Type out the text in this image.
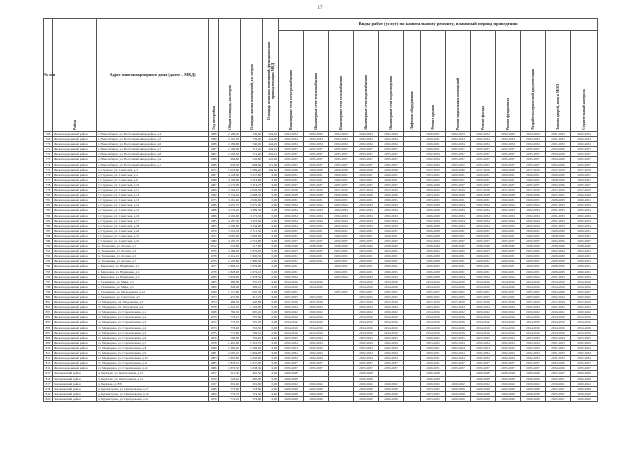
17
№ п/п	Район	Адрес многоквартирного дома (далее – МКД)	Год постройки	Общая площадь, кв.метров	Площадь жилых помещений, кв. метров	Площадь нежилых помещений, функционально принадлежащих МКД	Виды работ (услуг) по капитальному ремонту, плановый период проведения												
							Инженерные сети электроснабжения	Инженерные сети теплоснабжения	Инженерные сети газоснабжения	Инженерные сети водоснабжения	Инженерные сети водоотведения	Лифтовое оборудование	Ремонт крыши	Ремонт подвальных помещений	Ремонт фасада	Ремонт фундамента	Разработка проектной документации	Замена дверей, окон в МОП	Строительный контроль
768	Железнодорожный район	г. Новосибирск, ул. Восточный микрорайон, д.4	1988	2 189,20	740,00	444,20	2032-2034	2032-2034	2032-2034	2032-2034	2032-2034		2029-2031	2032-2034	2032-2034	2032-2034	2032-2034	2031-2033	2032-2034
769	Железнодорожный район	г. Новосибирск, ул. Восточный микрорайон, д.5	1988	2 181,50	739,60	444,90	2032-2034	2032-2034	2032-2034	2032-2034	2032-2034		2029-2031	2032-2034	2032-2034	2032-2034	2032-2034	2031-2033	2032-2034
770	Железнодорожный район	г. Новосибирск, ул. Восточный микрорайон, д.6	1988	2 189,80	740,00	444,20	2032-2034	2032-2034	2032-2034	2032-2034	2032-2034		2029-2031	2032-2034	2032-2034	2032-2034	2032-2034	2031-2033	2032-2034
771	Железнодорожный район	г. Новосибирск, ул. Восточный микрорайон, д.7	1987	2 190,00	713,20	456,10	2035-2037	2035-2037	2035-2037	2035-2037	2035-2037		2029-2031	2035-2037	2035-2037	2035-2037	2035-2037	2034-2036	2035-2037
772	Железнодорожный район	г. Новосибирск, ул. Восточный микрорайон, д.8	1987	2 193,50	712,40	456,10	2035-2037	2035-2037	2035-2037	2035-2037	2035-2037		2032-2034	2035-2037	2035-2037	2035-2037	2035-2037	2034-2036	2035-2037
773	Железнодорожный район	г. Новосибирск, ул. Восточный микрорайон, д.9	1988	966,80	543,80	222,00	2035-2037	2035-2037	2035-2037	2035-2037	2035-2037		2032-2034	2035-2037	2035-2037	2035-2037	2035-2037	2034-2036	2035-2037
774	Железнодорожный район	г. Новосибирск, ул. Восточный микрорайон, д.1	1988	930,50	808,60	121,90	2035-2037	2035-2037	2035-2037	2035-2037	2035-2037		2032-2034	2035-2037	2035-2037	2035-2037	2035-2037	2034-2036	2035-2037
775	Железнодорожный район	г. Студеное, ул. Советская, д.3	1972	1 618,00	1 060,40	346,60	2026-2028	2026-2028	2026-2028	2026-2028	2026-2028		2017-2019	2026-2028	2017-2019	2026-2028	2017-2019	2017-2019	2017-2019
776	Железнодорожный район	г. Студеное, ул. Советская, д.4	1987	4 128,90	3 257,80	0,00	2029-2031	2029-2031	2029-2031	2029-2031	2029-2031		2023-2025	2029-2031	2029-2031	2029-2031	2029-2031	2028-2030	2029-2031
777	Железнодорожный район	г. Студеное, ул. Советская, д.8	1988	4 199,80	3 319,80	0,00	2029-2031	2029-2031	2029-2031	2029-2031	2029-2031		2023-2025	2029-2031	2029-2031	2029-2031	2029-2031	2028-2030	2029-2031
778	Железнодорожный район	г. Студеное, ул. Советская, д.10	1987	4 172,90	3 316,70	0,00	2035-2037	2035-2037	2035-2037	2035-2037	2035-2037		2026-2028	2035-2037	2035-2037	2035-2037	2035-2037	2034-2036	2035-2037
779	Железнодорожный район	г. Студеное, ул. Советская, д.11	1969	3 164,10	2 626,30	0,00	2017-2019	2017-2019	2017-2019	2017-2019	2017-2019		2020-2022	2017-2019	2017-2019	2017-2019	2017-2019	2017-2019	2017-2019
780	Железнодорожный район	г. Студеное, ул. Советская, д.12	1969	3 154,40	2 668,50	0,00	2026-2028	2026-2028	2026-2028	2026-2028	2026-2028		2023-2025	2026-2028	2026-2028	2026-2028	2026-2028	2025-2027	2026-2028
781	Железнодорожный район	г. Студеное, ул. Советская, д.13	1975	3 161,40	2 649,60	0,00	2029-2031	2029-2031	2029-2031	2029-2031	2029-2031		2023-2025	2029-2031	2029-2031	2029-2031	2029-2031	2028-2030	2029-2031
782	Железнодорожный район	г. Студеное, ул. Советская, д.14	1986	4 201,70	3 475,00	0,00	2032-2034	2032-2034	2032-2034	2032-2034	2032-2034		2026-2028	2032-2034	2032-2034	2032-2034	2032-2034	2031-2033	2032-2034
783	Железнодорожный район	г. Студеное, ул. Советская, д.15	1988	4 176,20	3 489,50	0,00	2032-2034	2032-2034	2032-2034	2032-2034	2032-2034		2026-2028	2032-2034	2032-2034	2032-2034	2032-2034	2031-2033	2032-2034
784	Железнодорожный район	г. Студеное, ул. Советская, д.16	1986	4 162,60	3 172,50	0,00	2032-2034	2032-2034	2032-2034	2032-2034	2032-2034		2026-2028	2032-2034	2032-2034	2032-2034	2032-2034	2031-2033	2032-2034
785	Железнодорожный район	г. Студеное, ул. Советская, д.17	1985	4 187,30	3 322,60	0,00	2032-2034	2032-2034	2032-2034	2032-2034	2032-2034		2032-2034	2032-2034	2032-2034	2032-2034	2032-2034	2031-2033	2032-2034
786	Железнодорожный район	г. Студеное, ул. Советская, д.18	1985	4 199,60	3 344,00	0,00	2032-2034	2032-2034	2032-2034	2032-2034	2032-2034		2026-2028	2032-2034	2032-2034	2032-2034	2032-2034	2031-2033	2032-2034
787	Железнодорожный район	г. Студеное, ул. Советская, д.20	1979	3 116,50	2 713,50	0,00	2029-2031	2029-2031	2029-2031	2029-2031	2029-2031		2026-2028	2029-2031	2029-2031	2029-2031	2029-2031	2028-2030	2029-2031
788	Железнодорожный район	г. Студеное, ул. Советская, д.21	1977	3 085,90	2 683,90	0,00	2029-2031	2029-2031	2029-2031	2029-2031	2029-2031		2026-2028	2029-2031	2029-2031	2029-2031	2029-2031	2028-2030	2029-2031
789	Железнодорожный район	г. Студеное, ул. Советская, д.22	1980	4 165,70	2 710,80	0,00	2035-2037	2035-2037	2035-2037	2035-2037	2035-2037		2032-2034	2035-2037	2035-2037	2035-2037	2035-2037	2034-2036	2035-2037
790	Железнодорожный район	п. Тальменка, ул. Лесная, д.1	2012	552,80	517,60	0,00	2038-2040	2038-2040	2038-2040	2038-2040	2038-2040		2038-2040	2038-2040	2038-2040	2038-2040	2038-2040	2038-2040	2038-2040
791	Железнодорожный район	п. Тальменка, ул. Лесная, д.3	1976	2 189,00	1 870,40	0,00	2023-2025	2023-2025	2023-2025	2023-2025	2023-2025		2020-2022	2023-2025	2023-2025	2023-2025	2023-2025	2022-2024	2023-2025
792	Железнодорожный район	п. Тальменка, ул. Лесная, д.5	1978	2 214,10	1 900,50	0,00	2029-2031	2029-2031	2029-2031	2029-2031	2029-2031		2026-2028	2029-2031	2029-2031	2029-2031	2029-2031	2028-2030	2029-2031
793	Железнодорожный район	п. Тальменка, ул. Лесная, д.7	1979	2 195,80	1 880,00	0,00	2029-2031	2029-2031	2029-2031	2029-2031	2029-2031		2026-2028	2029-2031	2029-2031	2029-2031	2029-2031	2028-2030	2029-2031
794	Железнодорожный район	с. Березовка, ул. Юдинцева, д.1	1977	1 866,10	1 676,60	0,00	2029-2031		2029-2031	2029-2031	2029-2031		2020-2022	2029-2031	2029-2031	2029-2031	2029-2031	2028-2030	2029-2031
795	Железнодорожный район	с. Березовка, ул. Юдинцева, д.2	1978	1 828,00	1 676,10	0,00	2029-2031		2029-2031	2029-2031	2029-2031		2026-2028	2029-2031	2029-2031	2029-2031	2029-2031	2028-2030	2029-2031
796	Железнодорожный район	с. Березовка, ул. Юдинцева, д.3	1980	1 836,80	1 678,30	0,00	2032-2034		2032-2034	2032-2034	2032-2034		2026-2028	2032-2034	2032-2034	2032-2034	2032-2034	2031-2033	2032-2034
797	Железнодорожный район	с. Тальменка, ул. Мира, д.3	1965	380,00	355,70	0,00	2014-2016	2014-2016		2014-2016	2014-2016		2014-2016	2014-2016	2014-2016	2014-2016	2014-2016	2014-2016	2014-2016
798	Железнодорожный район	с. Тальменка, ул. Мира, д.5	1966	328,00	306,10	0,00	2014-2016	2014-2016		2014-2016	2014-2016		2014-2016	2014-2016	2014-2016	2014-2016	2014-2016	2014-2016	2014-2016
799	Железнодорожный район	с. Тальменка, ул. Молодежная, д.14	1990	1 127,80	947,50	0,00	2035-2037		2035-2037	2035-2037	2035-2037		2035-2037	2035-2037	2035-2037	2035-2037	2035-2037	2034-2036	2035-2037
800	Железнодорожный район	с. Тальменка, ул. Советская, д.5	1973	472,00	417,10	0,00	2023-2025	2023-2025		2023-2025	2023-2025		2020-2022	2023-2025	2023-2025	2023-2025	2023-2025	2022-2024	2023-2025
801	Железнодорожный район	ст. Медведево, пл. Петровская, д.3	1974	486,30	445,80	0,00	2017-2019	2017-2019		2017-2019	2017-2019		2017-2019	2017-2019	2017-2019	2017-2019	2017-2019	2017-2019	2017-2019
802	Железнодорожный район	ст. Медведево, пл. Петровская, д.4	1978	1 210,50	1 102,90	0,00	2032-2034	2032-2034		2032-2034	2032-2034		2023-2025	2032-2034	2032-2034	2032-2034	2032-2034	2031-2033	2032-2034
803	Железнодорожный район	ст. Медведево, ул. Строительная, д.1	1968	769,30	695,20	0,00	2020-2022	2020-2022		2020-2022	2020-2022		2014-2016	2020-2022	2020-2022	2020-2022	2020-2022	2019-2021	2020-2022
804	Железнодорожный район	ст. Медведево, ул. Строительная, д.2	1970	774,10	707,60	0,00	2014-2016	2014-2016		2014-2016	2014-2016		2014-2016	2014-2016	2014-2016	2014-2016	2014-2016	2014-2016	2014-2016
805	Железнодорожный район	ст. Медведево, ул. Строительная, д.3	1972	773,50	701,70	0,00	2014-2016	2014-2016		2014-2016	2014-2016		2014-2016	2014-2016	2014-2016	2014-2016	2014-2016	2014-2016	2014-2016
806	Железнодорожный район	ст. Медведево, ул. Строительная, д.4	1973	776,60	710,30	0,00	2014-2016	2014-2016		2014-2016	2014-2016		2014-2016	2014-2016	2014-2016	2014-2016	2014-2016	2014-2016	2014-2016
807	Железнодорожный район	ст. Медведево, ул. Строительная, д.5	1975	771,80	706,10	0,00	2014-2016	2014-2016		2014-2016	2014-2016		2014-2016	2014-2016	2014-2016	2014-2016	2014-2016	2014-2016	2014-2016
808	Железнодорожный район	ст. Медведево, ул. Строительная, д.6	1976	766,80	703,90	0,00	2023-2025	2023-2025		2023-2025	2023-2025		2020-2022	2023-2025	2023-2025	2023-2025	2023-2025	2022-2024	2023-2025
809	Железнодорожный район	ст. Медведево, ул. Строительная, д.7	1978	1 491,00	1 310,70	0,00	2032-2034	2032-2034		2032-2034	2032-2034		2023-2025	2032-2034	2032-2034	2032-2034	2032-2034	2031-2033	2032-2034
810	Железнодорожный район	ст. Медведево, ул. Строительная, д.8	1980	1 466,20	1 299,20	0,00	2032-2034	2032-2034		2032-2034	2032-2034		2029-2031	2032-2034	2032-2034	2032-2034	2032-2034	2031-2033	2032-2034
811	Железнодорожный район	ст. Медведево, ул. Строительная, д.9	1981	2 295,10	1 662,90	0,00	2032-2034	2032-2034		2032-2034	2032-2034		2029-2031	2032-2034	2032-2034	2032-2034	2032-2034	2031-2033	2032-2034
812	Железнодорожный район	ст. Медведево, ул. Строительная, д.10	1983	1 893,80	1 650,00	0,00	2032-2034	2032-2034		2032-2034	2032-2034		2029-2031	2032-2034	2032-2034	2032-2034	2032-2034	2031-2033	2032-2034
813	Железнодорожный район	ст. Медведево, ул. Строительная, д.11	1985	1 878,10	1 637,90	0,00	2035-2037	2035-2037		2035-2037	2035-2037		2029-2031	2035-2037	2035-2037	2035-2037	2035-2037	2034-2036	2035-2037
814	Железнодорожный район	ст. Медведево, ул. Строительная, д.12	1986	1 879,50	1 638,30	0,00	2035-2037	2035-2037		2035-2037	2035-2037		2029-2031	2035-2037	2035-2037	2035-2037	2035-2037	2034-2036	2035-2037
815	Заельцовский район	д. Берёзово, ул. Центральная, д.12	1957	521,30	481,50	0,00	2026-2028			2026-2028			2026-2028		2026-2028	2026-2028	2026-2028	2025-2027	2026-2028
816	Заельцовский район	д. Берёзово, ул. Центральная, д.14	1959	528,40	485,00	0,00	2026-2028			2026-2028			2026-2028		2026-2028	2026-2028	2026-2028	2025-2027	2026-2028
817	Заельцовский район	д. Берёзово, д. 8/8	1937	319,60	319,60	0,00	2020-2022	2020-2022		2020-2022	2020-2022		2020-2022	2020-2022	2020-2022	2020-2022	2020-2022	2019-2021	2020-2022
818	Заельцовский район	д. Бурмистрово, ул. Центральная, д.17	1968	773,60	718,60	0,00	2026-2028	2026-2028		2026-2028	2026-2028		2023-2025	2026-2028	2026-2028	2026-2028	2026-2028	2025-2027	2026-2028
819	Заельцовский район	д. Бурмистрово, ул. Центральная, д.19	1969	774,70	719,50	0,00	2026-2028	2026-2028		2026-2028	2026-2028		2023-2025	2026-2028	2026-2028	2026-2028	2026-2028	2025-2027	2026-2028
820	Заельцовский район	д. Бурмистрово, ул. Центральная, д.21	1970	774,10	719,00	0,00	2026-2028	2026-2028		2026-2028	2026-2028		2023-2025	2026-2028	2026-2028	2026-2028	2026-2028	2025-2027	2026-2028
